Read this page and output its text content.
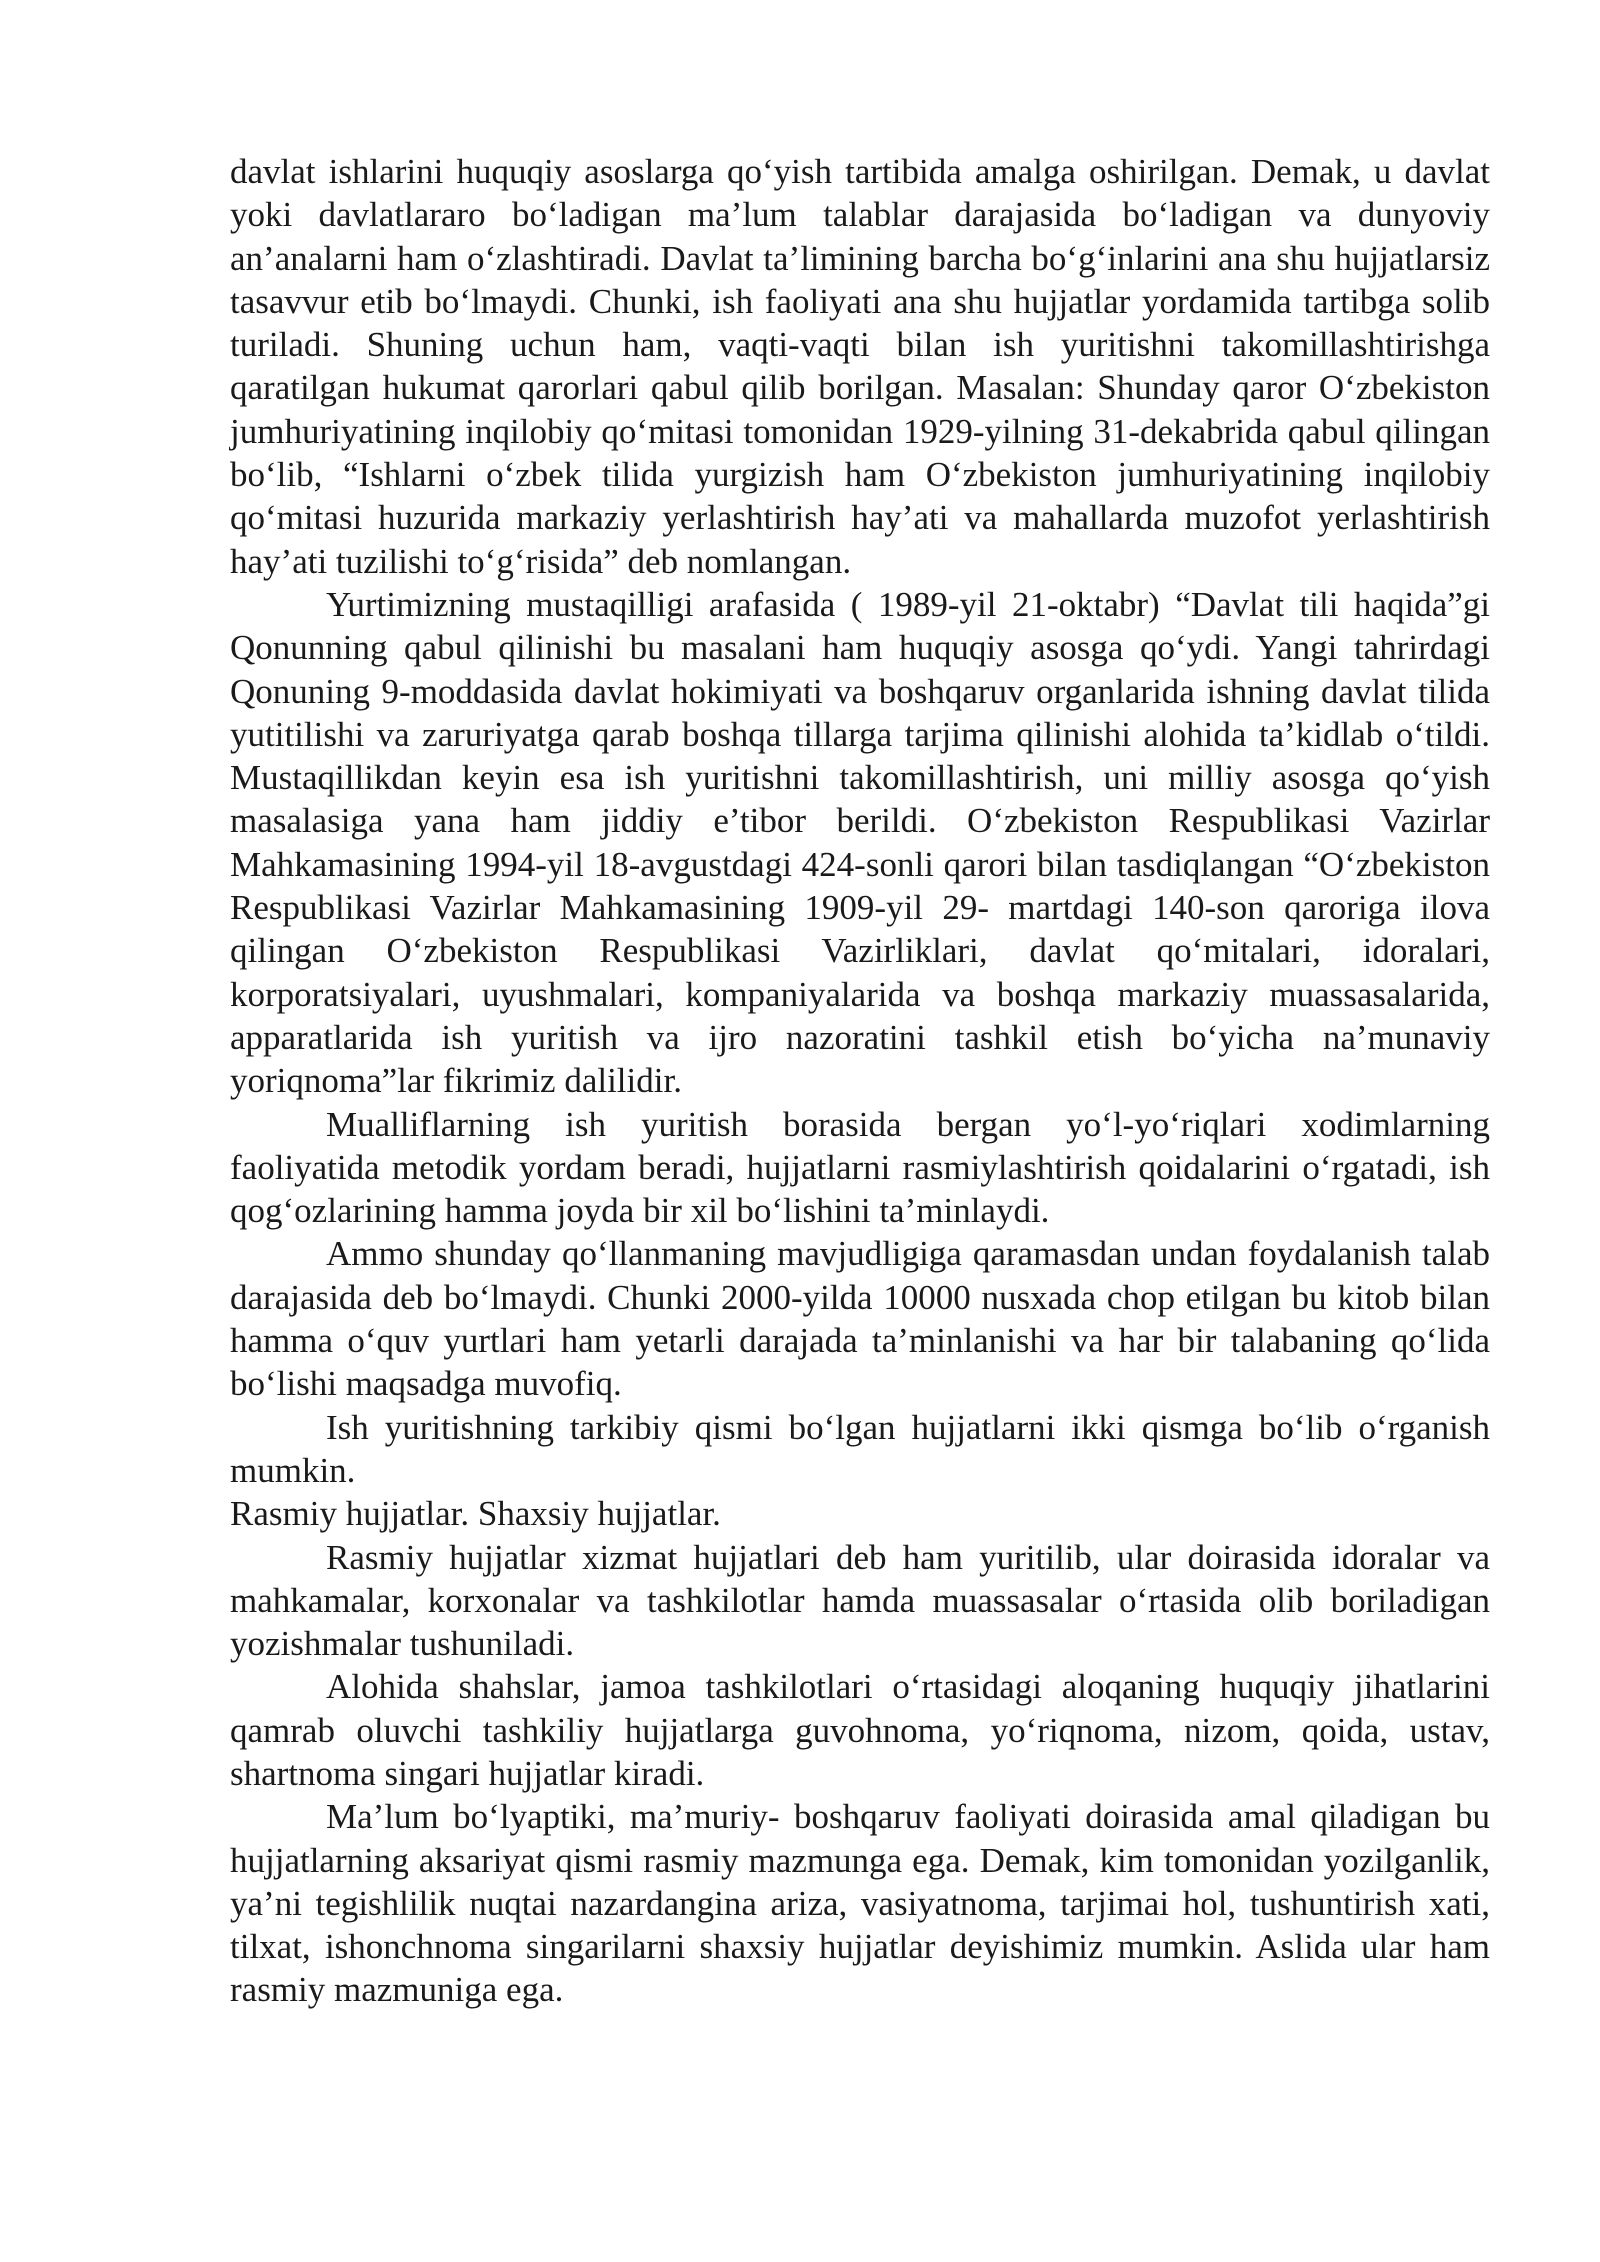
davlat ishlarini huquqiy asoslarga qo‘yish tartibida amalga oshirilgan. Demak, u davlat yoki davlatlararo bo‘ladigan ma’lum talablar darajasida bo‘ladigan va dunyoviy an’analarni ham o‘zlashtiradi. Davlat ta’limining barcha bo‘g‘inlarini ana shu hujjatlarsiz tasavvur etib bo‘lmaydi. Chunki, ish faoliyati ana shu hujjatlar yordamida tartibga solib turiladi. Shuning uchun ham, vaqti-vaqti bilan ish yuritishni takomillashtirishga qaratilgan hukumat qarorlari qabul qilib borilgan. Masalan: Shunday qaror O‘zbekiston jumhuriyatining inqilobiy qo‘mitasi tomonidan 1929-yilning 31-dekabrida qabul qilingan bo‘lib, “Ishlarni o‘zbek tilida yurgizish ham O‘zbekiston jumhuriyatining inqilobiy qo‘mitasi huzurida markaziy yerlashtirish hay’ati va mahallarda muzofot yerlashtirish hay’ati tuzilishi to‘g‘risida” deb nomlangan.

Yurtimizning mustaqilligi arafasida ( 1989-yil 21-oktabr) “Davlat tili haqida”gi Qonunning qabul qilinishi bu masalani ham huquqiy asosga qo‘ydi. Yangi tahrirdagi Qonuning 9-moddasida davlat hokimiyati va boshqaruv organlarida ishning davlat tilida yutitilishi va zaruriyatga qarab boshqa tillarga tarjima qilinishi alohida ta’kidlab o‘tildi. Mustaqillikdan keyin esa ish yuritishni takomillashtirish, uni milliy asosga qo‘yish masalasiga yana ham jiddiy e’tibor berildi. O‘zbekiston Respublikasi Vazirlar Mahkamasining 1994-yil 18-avgustdagi 424-sonli qarori bilan tasdiqlangan “O‘zbekiston Respublikasi Vazirlar Mahkamasining 1909-yil 29- martdagi 140-son qaroriga ilova qilingan O‘zbekiston Respublikasi Vazirliklari, davlat qo‘mitalari, idoralari, korporatsiyalari, uyushmalari, kompaniyalarida va boshqa markaziy muassasalarida, apparatlarida ish yuritish va ijro nazoratini tashkil etish bo‘yicha na’munaviy yoriqnoma”lar fikrimiz dalilidir.

Mualliflarning ish yuritish borasida bergan yo‘l-yo‘riqlari xodimlarning faoliyatida metodik yordam beradi, hujjatlarni rasmiylashtirish qoidalarini o‘rgatadi, ish qog‘ozlarining hamma joyda bir xil bo‘lishini ta’minlaydi.

Ammo shunday qo‘llanmaning mavjudligiga qaramasdan undan foydalanish talab darajasida deb bo‘lmaydi. Chunki 2000-yilda 10000 nusxada chop etilgan bu kitob bilan hamma o‘quv yurtlari ham yetarli darajada ta’minlanishi va har bir talabaning qo‘lida bo‘lishi maqsadga muvofiq.

Ish yuritishning tarkibiy qismi bo‘lgan hujjatlarni ikki qismga bo‘lib o‘rganish mumkin.

Rasmiy hujjatlar. Shaxsiy hujjatlar.

Rasmiy hujjatlar xizmat hujjatlari deb ham yuritilib, ular doirasida idoralar va mahkamalar, korxonalar va tashkilotlar hamda muassasalar o‘rtasida olib boriladigan yozishmalar tushuniladi.

Alohida shahslar, jamoa tashkilotlari o‘rtasidagi aloqaning huquqiy jihatlarini qamrab oluvchi tashkiliy hujjatlarga guvohnoma, yo‘riqnoma, nizom, qoida, ustav, shartnoma singari hujjatlar kiradi.

Ma’lum bo‘lyaptiki, ma’muriy- boshqaruv faoliyati doirasida amal qiladigan bu hujjatlarning aksariyat qismi rasmiy mazmunga ega. Demak, kim tomonidan yozilganlik, ya’ni tegishlilik nuqtai nazardangina ariza, vasiyatnoma, tarjimai hol, tushuntirish xati, tilxat, ishonchnoma singarilarni shaxsiy hujjatlar deyishimiz mumkin. Aslida ular ham rasmiy mazmuniga ega.
